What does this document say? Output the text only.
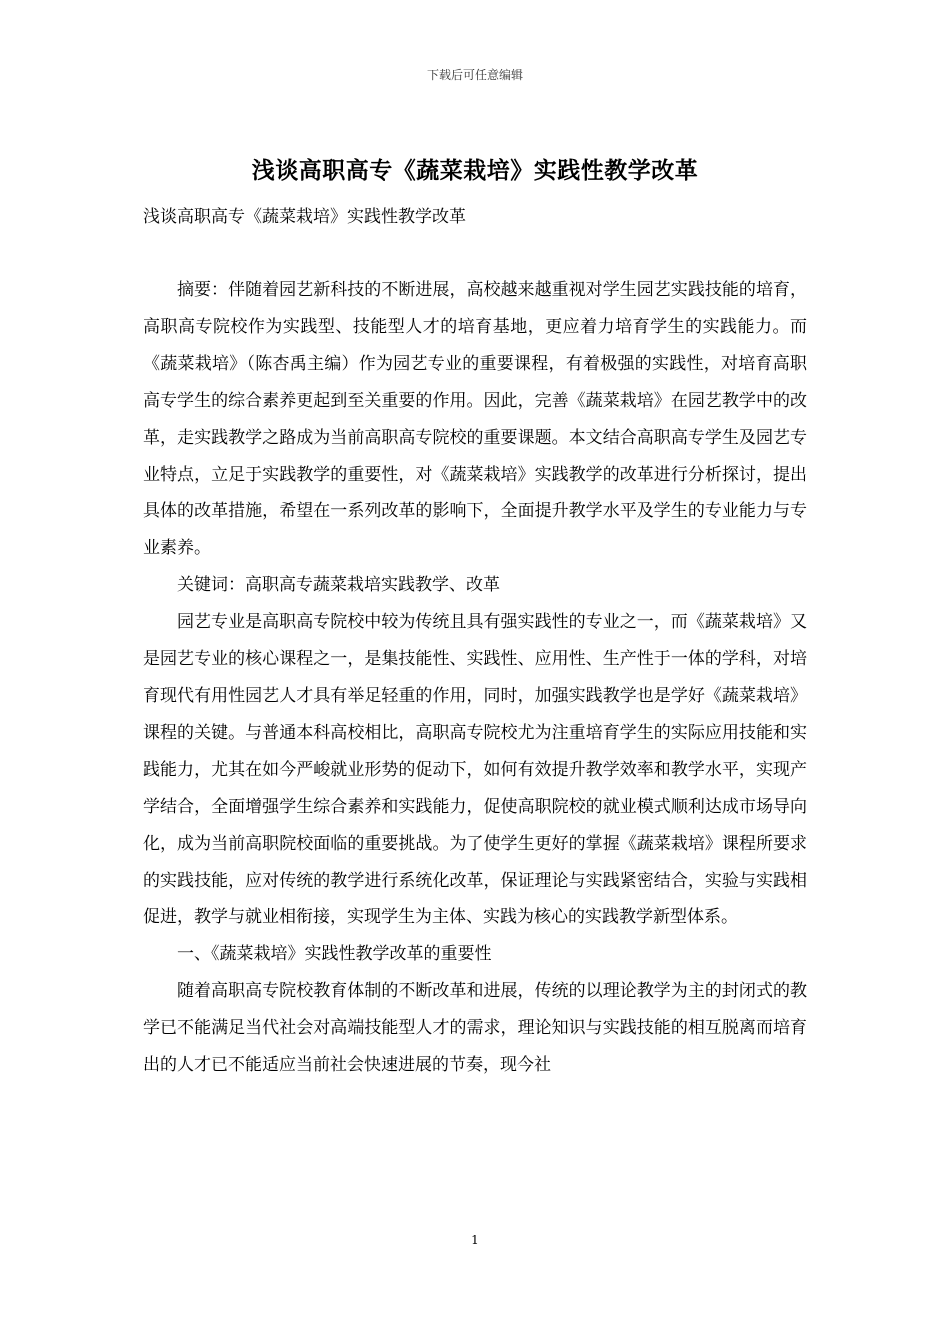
下载后可任意编辑
浅谈高职高专《蔬菜栽培》实践性教学改革
浅谈高职高专《蔬菜栽培》实践性教学改革

摘要：伴随着园艺新科技的不断进展，高校越来越重视对学生园艺实践技能的培育，高职高专院校作为实践型、技能型人才的培育基地，更应着力培育学生的实践能力。而《蔬菜栽培》（陈杏禹主编）作为园艺专业的重要课程，有着极强的实践性，对培育高职高专学生的综合素养更起到至关重要的作用。因此，完善《蔬菜栽培》在园艺教学中的改革，走实践教学之路成为当前高职高专院校的重要课题。本文结合高职高专学生及园艺专业特点，立足于实践教学的重要性，对《蔬菜栽培》实践教学的改革进行分析探讨，提出具体的改革措施，希望在一系列改革的影响下，全面提升教学水平及学生的专业能力与专业素养。

关键词：高职高专蔬菜栽培实践教学、改革

园艺专业是高职高专院校中较为传统且具有强实践性的专业之一，而《蔬菜栽培》又是园艺专业的核心课程之一，是集技能性、实践性、应用性、生产性于一体的学科，对培育现代有用性园艺人才具有举足轻重的作用，同时，加强实践教学也是学好《蔬菜栽培》课程的关键。与普通本科高校相比，高职高专院校尤为注重培育学生的实际应用技能和实践能力，尤其在如今严峻就业形势的促动下，如何有效提升教学效率和教学水平，实现产学结合，全面增强学生综合素养和实践能力，促使高职院校的就业模式顺利达成市场导向化，成为当前高职院校面临的重要挑战。为了使学生更好的掌握《蔬菜栽培》课程所要求的实践技能，应对传统的教学进行系统化改革，保证理论与实践紧密结合，实验与实践相促进，教学与就业相衔接，实现学生为主体、实践为核心的实践教学新型体系。

一、《蔬菜栽培》实践性教学改革的重要性

随着高职高专院校教育体制的不断改革和进展，传统的以理论教学为主的封闭式的教学已不能满足当代社会对高端技能型人才的需求，理论知识与实践技能的相互脱离而培育出的人才已不能适应当前社会快速进展的节奏，现今社

1
